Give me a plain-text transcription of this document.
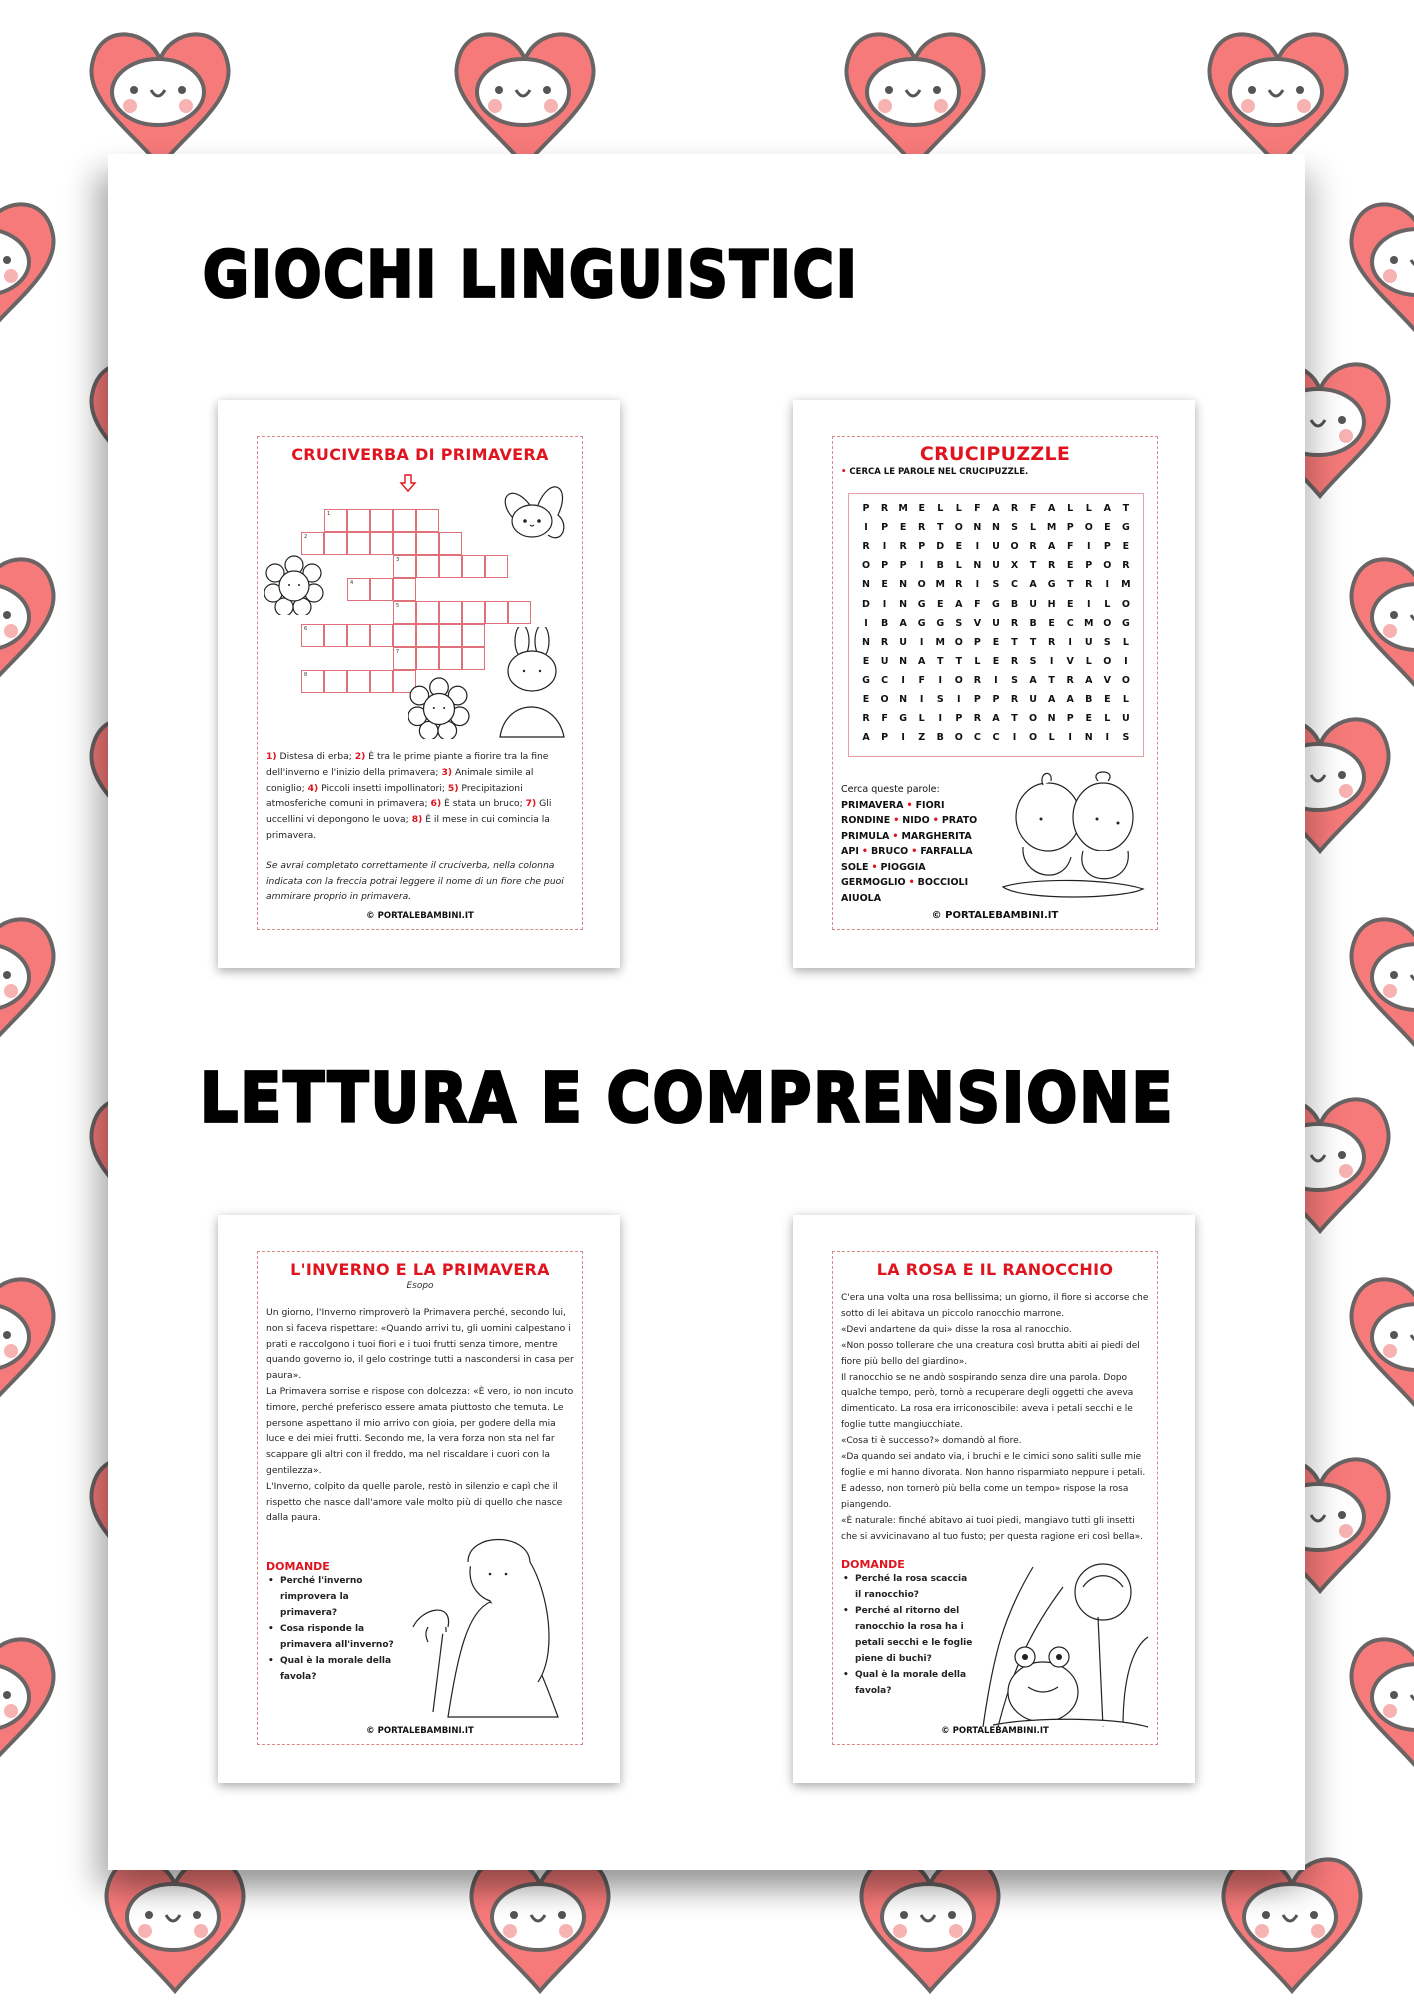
GIOCHI LINGUISTICI
LETTURA E COMPRENSIONE
CRUCIVERBA DI PRIMAVERA
1
2
3
4
5
6
7
8

1) Distesa di erba; 2) È tra le prime piante a fiorire tra la fine dell'inverno e l'inizio della primavera; 3) Animale simile al coniglio; 4) Piccoli insetti impollinatori; 5) Precipitazioni atmosferiche comuni in primavera; 6) È stata un bruco; 7) Gli uccellini vi depongono le uova; 8) È il mese in cui comincia la primavera.

Se avrai completato correttamente il cruciverba, nella colonna indicata con la freccia potrai leggere il nome di un fiore che puoi ammirare proprio in primavera.

© PORTALEBAMBINI.IT
CRUCIPUZZLE
• CERCA LE PAROLE NEL CRUCIPUZZLE.
P	R	M	E	L	L	F	A	R	F	A	L	L	A	T
I	P	E	R	T	O	N	N	S	L	M	P	O	E	G
R	I	R	P	D	E	I	U	O	R	A	F	I	P	E
O	P	P	I	B	L	N	U	X	T	R	E	P	O	R
N	E	N	O	M	R	I	S	C	A	G	T	R	I	M
D	I	N	G	E	A	F	G	B	U	H	E	I	L	O
I	B	A	G	G	S	V	U	R	B	E	C	M	O	G
N	R	U	I	M	O	P	E	T	T	R	I	U	S	L
E	U	N	A	T	T	L	E	R	S	I	V	L	O	I
G	C	I	F	I	O	R	I	S	A	T	R	A	V	O
E	O	N	I	S	I	P	P	R	U	A	A	B	E	L
R	F	G	L	I	P	R	A	T	O	N	P	E	L	U
A	P	I	Z	B	O	C	C	I	O	L	I	N	I	S
Cerca queste parole:
PRIMAVERA • FIORI
RONDINE • NIDO • PRATO
PRIMULA • MARGHERITA
API • BRUCO • FARFALLA
SOLE • PIOGGIA
GERMOGLIO • BOCCIOLI
AIUOLA
© PORTALEBAMBINI.IT
L'INVERNO E LA PRIMAVERA
Esopo

Un giorno, l'Inverno rimproverò la Primavera perché, secondo lui, non si faceva rispettare: «Quando arrivi tu, gli uomini calpestano i prati e raccolgono i tuoi fiori e i tuoi frutti senza timore, mentre quando governo io, il gelo costringe tutti a nascondersi in casa per paura».

La Primavera sorrise e rispose con dolcezza: «È vero, io non incuto timore, perché preferisco essere amata piuttosto che temuta. Le persone aspettano il mio arrivo con gioia, per godere della mia luce e dei miei frutti. Secondo me, la vera forza non sta nel far scappare gli altri con il freddo, ma nel riscaldare i cuori con la gentilezza».

L'Inverno, colpito da quelle parole, restò in silenzio e capì che il rispetto che nasce dall'amore vale molto più di quello che nasce dalla paura.

DOMANDE
• Perché l'inverno rimprovera la primavera?
• Cosa risponde la primavera all'inverno?
• Qual è la morale della favola?
© PORTALEBAMBINI.IT
LA ROSA E IL RANOCCHIO

C'era una volta una rosa bellissima; un giorno, il fiore si accorse che sotto di lei abitava un piccolo ranocchio marrone.

«Devi andartene da qui» disse la rosa al ranocchio.

«Non posso tollerare che una creatura così brutta abiti ai piedi del fiore più bello del giardino».

Il ranocchio se ne andò sospirando senza dire una parola. Dopo qualche tempo, però, tornò a recuperare degli oggetti che aveva dimenticato. La rosa era irriconoscibile: aveva i petali secchi e le foglie tutte mangiucchiate.

«Cosa ti è successo?» domandò al fiore.

«Da quando sei andato via, i bruchi e le cimici sono saliti sulle mie foglie e mi hanno divorata. Non hanno risparmiato neppure i petali. E adesso, non tornerò più bella come un tempo» rispose la rosa piangendo.

«È naturale: finché abitavo ai tuoi piedi, mangiavo tutti gli insetti che si avvicinavano al tuo fusto; per questa ragione eri così bella».

DOMANDE
• Perché la rosa scaccia il ranocchio?
• Perché al ritorno del ranocchio la rosa ha i petali secchi e le foglie piene di buchi?
• Qual è la morale della favola?
© PORTALEBAMBINI.IT
